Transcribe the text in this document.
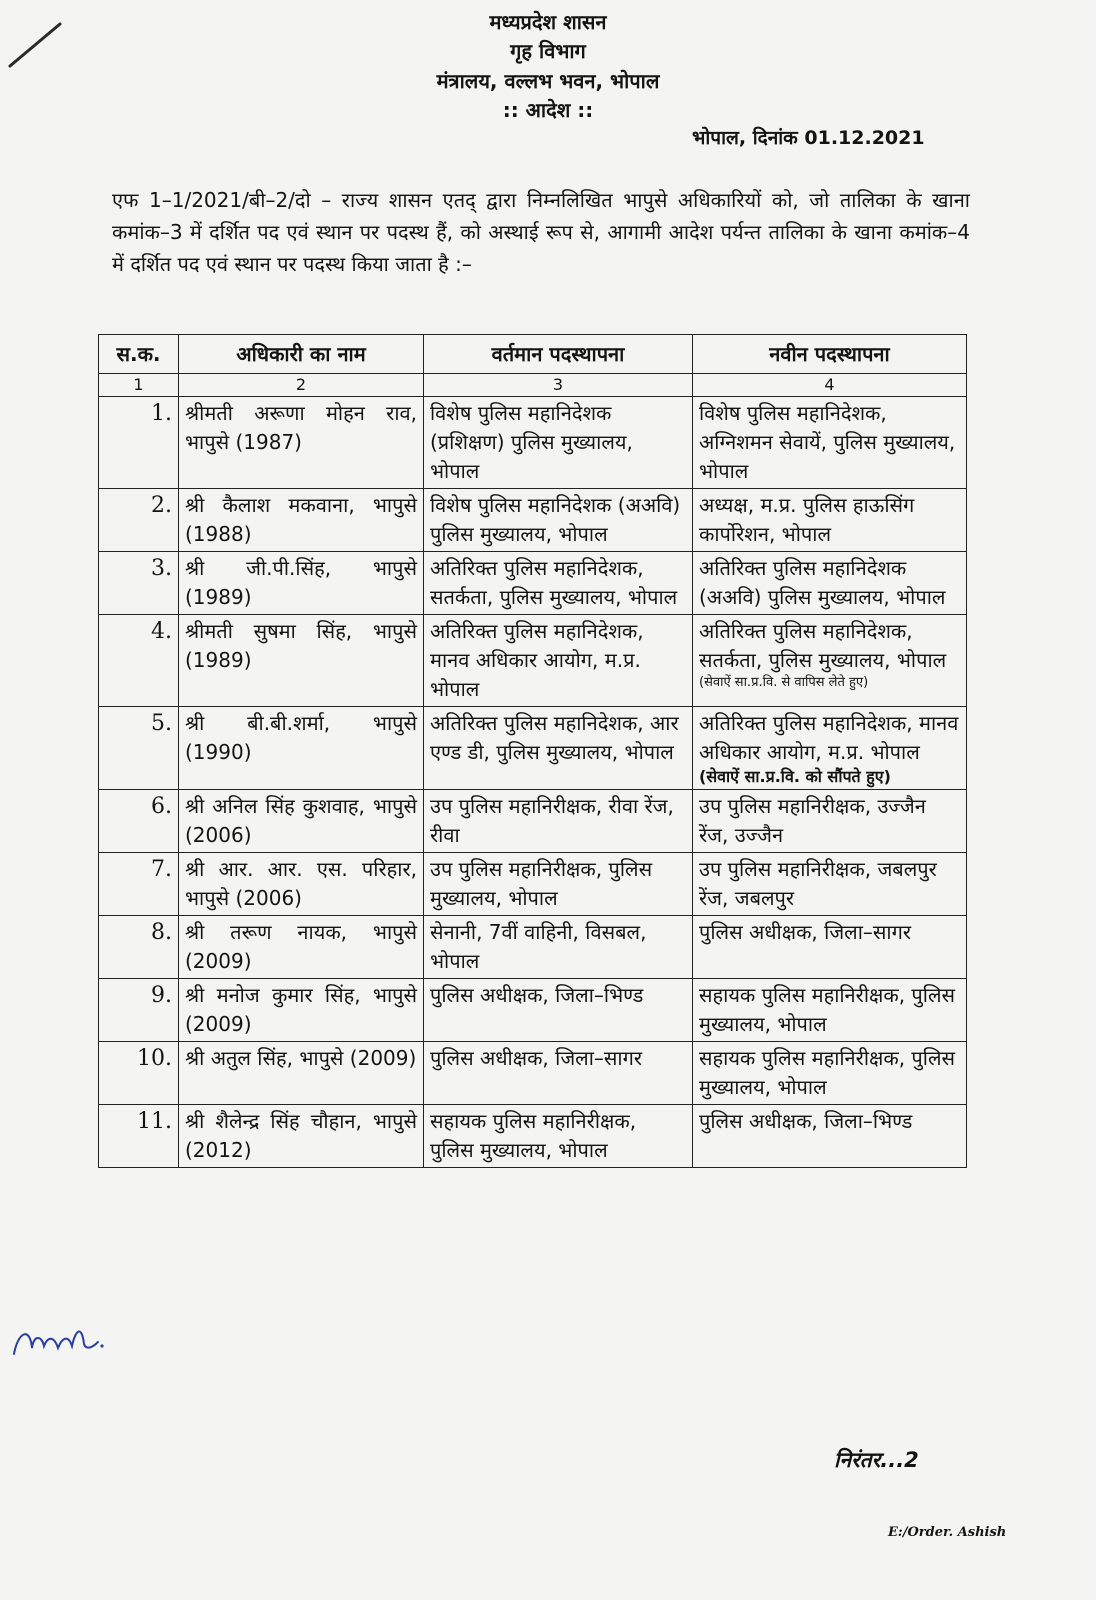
मध्यप्रदेश शासन
गृह विभाग
मंत्रालय, वल्लभ भवन, भोपाल
:: आदेश ::
भोपाल, दिनांक 01.12.2021
एफ 1–1/2021/बी–2/दो – राज्य शासन एतद् द्वारा निम्नलिखित भापुसे अधिकारियों को, जो तालिका के खाना कमांक–3 में दर्शित पद एवं स्थान पर पदस्थ हैं, को अस्थाई रूप से, आगामी आदेश पर्यन्त तालिका के खाना कमांक–4 में दर्शित पद एवं स्थान पर पदस्थ किया जाता है :–
स.क.	अधिकारी का नाम	वर्तमान पदस्थापना	नवीन पदस्थापना
1	2	3	4
1.	श्रीमती अरूणा मोहन राव, भापुसे (1987)	विशेष पुलिस महानिदेशक (प्रशिक्षण) पुलिस मुख्यालय, भोपाल	विशेष पुलिस महानिदेशक, अग्निशमन सेवायें, पुलिस मुख्यालय, भोपाल
2.	श्री कैलाश मकवाना, भापुसे (1988)	विशेष पुलिस महानिदेशक (अअवि) पुलिस मुख्यालय, भोपाल	अध्यक्ष, म.प्र. पुलिस हाऊसिंग कार्पोरेशन, भोपाल
3.	श्री जी.पी.सिंह, भापुसे (1989)	अतिरिक्त पुलिस महानिदेशक, सतर्कता, पुलिस मुख्यालय, भोपाल	अतिरिक्त पुलिस महानिदेशक (अअवि) पुलिस मुख्यालय, भोपाल
4.	श्रीमती सुषमा सिंह, भापुसे (1989)	अतिरिक्त पुलिस महानिदेशक, मानव अधिकार आयोग, म.प्र. भोपाल	अतिरिक्त पुलिस महानिदेशक, सतर्कता, पुलिस मुख्यालय, भोपाल
(सेवाऐं सा.प्र.वि. से वापिस लेते हुए)

5.	श्री बी.बी.शर्मा, भापुसे (1990)	अतिरिक्त पुलिस महानिदेशक, आर एण्ड डी, पुलिस मुख्यालय, भोपाल	अतिरिक्त पुलिस महानिदेशक, मानव अधिकार आयोग, म.प्र. भोपाल
(सेवाऐं सा.प्र.वि. को सौंपते हुए)

6.	श्री अनिल सिंह कुशवाह, भापुसे (2006)	उप पुलिस महानिरीक्षक, रीवा रेंज, रीवा	उप पुलिस महानिरीक्षक, उज्जैन रेंज, उज्जैन
7.	श्री आर. आर. एस. परिहार, भापुसे (2006)	उप पुलिस महानिरीक्षक, पुलिस मुख्यालय, भोपाल	उप पुलिस महानिरीक्षक, जबलपुर रेंज, जबलपुर
8.	श्री तरूण नायक, भापुसे (2009)	सेनानी, 7वीं वाहिनी, विसबल, भोपाल	पुलिस अधीक्षक, जिला–सागर
9.	श्री मनोज कुमार सिंह, भापुसे (2009)	पुलिस अधीक्षक, जिला–भिण्ड	सहायक पुलिस महानिरीक्षक, पुलिस मुख्यालय, भोपाल
10.	श्री अतुल सिंह, भापुसे (2009)	पुलिस अधीक्षक, जिला–सागर	सहायक पुलिस महानिरीक्षक, पुलिस मुख्यालय, भोपाल
11.	श्री शैलेन्द्र सिंह चौहान, भापुसे (2012)	सहायक पुलिस महानिरीक्षक, पुलिस मुख्यालय, भोपाल	पुलिस अधीक्षक, जिला–भिण्ड
निरंतर...2
E:/Order. Ashish
